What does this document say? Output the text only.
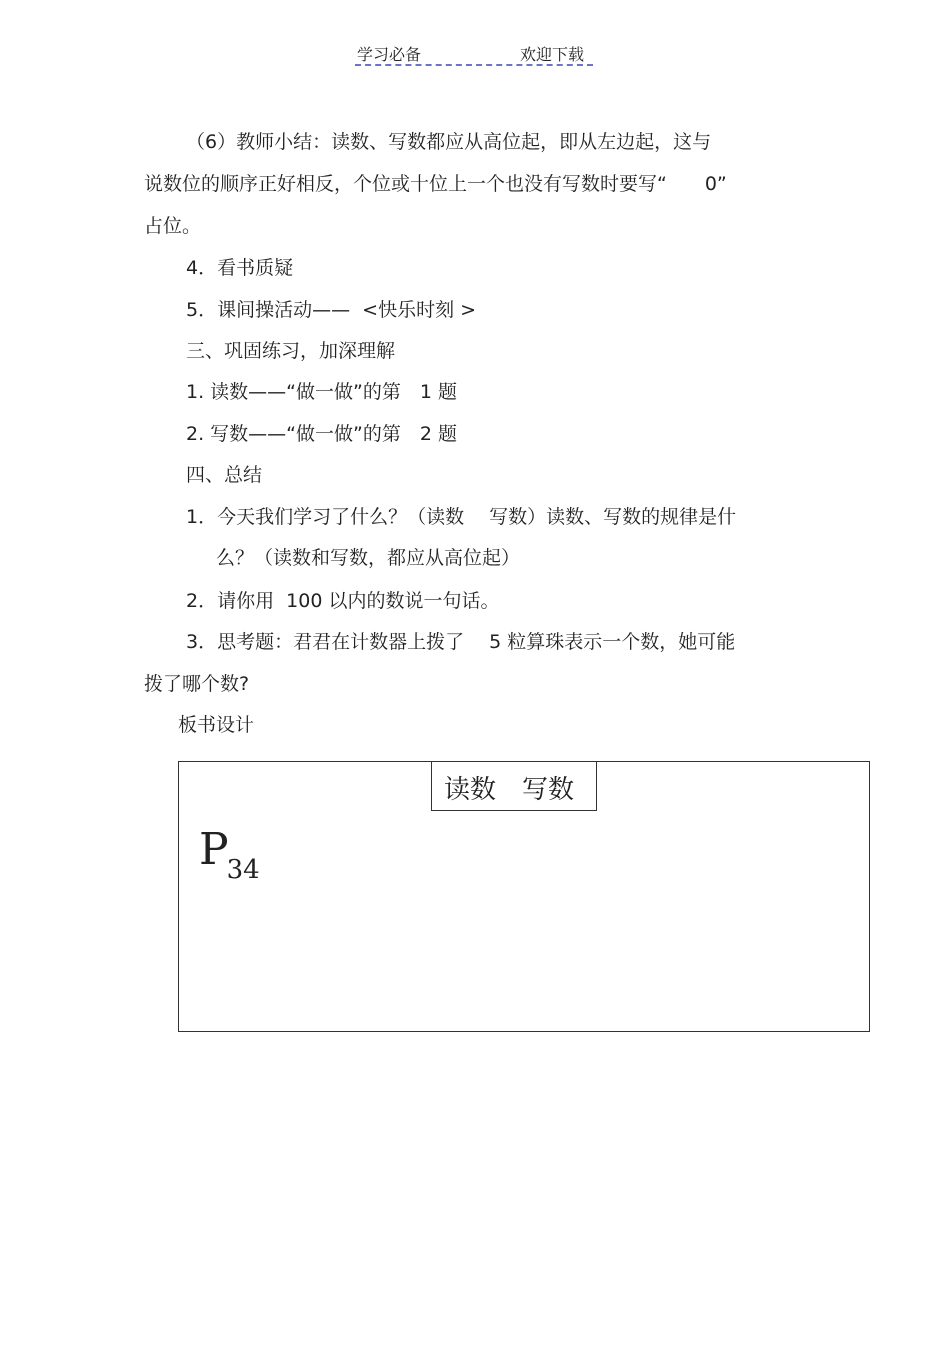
学习必备	欢迎下载
（6）教师小结：读数、写数都应从高位起，即从左边起，这与
说数位的顺序正好相反，个位或十位上一个也没有写数时要写“　　0”
占位。
4．看书质疑
5．课间操活动——  <快乐时刻 >
三、巩固练习，加深理解
1. 读数——“做一做”的第　1 题
2. 写数——“做一做”的第　2 题
四、总结
1．今天我们学习了什么？（读数　 写数）读数、写数的规律是什
么？（读数和写数，都应从高位起）
2．请你用  100 以内的数说一句话。
3．思考题：君君在计数器上拨了　 5 粒算珠表示一个数，她可能
拨了哪个数?
板书设计
读数　写数
$P_{34}$
